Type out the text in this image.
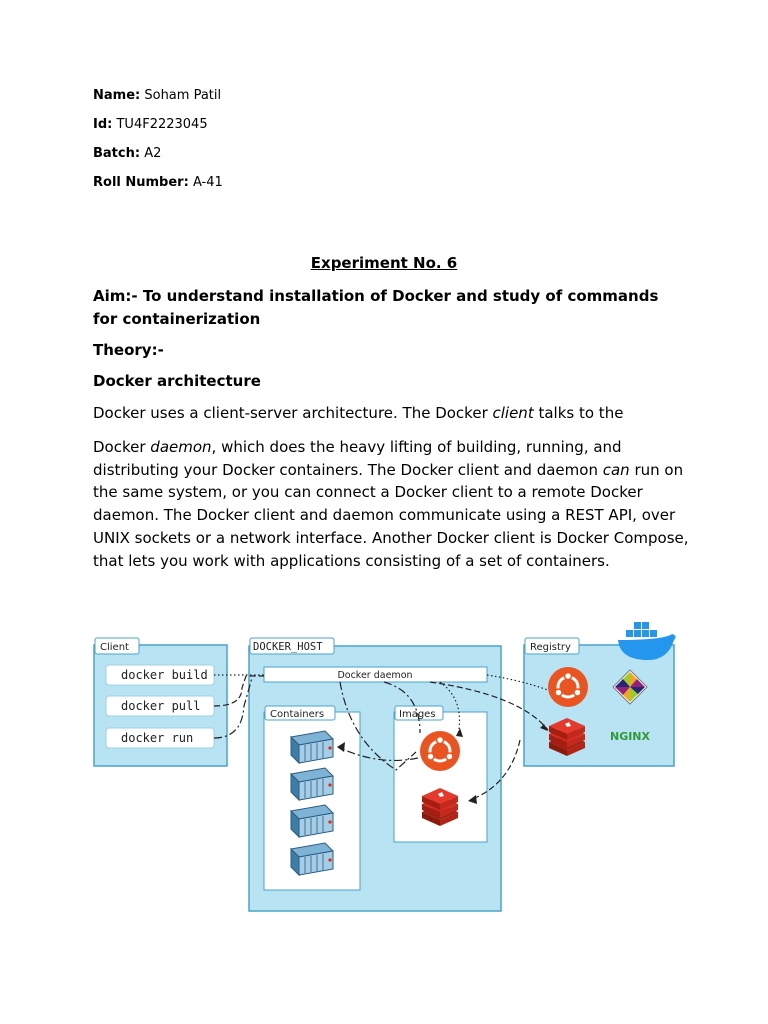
Name: Soham Patil
Id: TU4F2223045
Batch: A2
Roll Number: A-41
Experiment No. 6
Aim:- To understand installation of Docker and study of commands for containerization
Theory:-
Docker architecture
Docker uses a client-server architecture. The Docker client talks to the
Docker daemon, which does the heavy lifting of building, running, and
distributing your Docker containers. The Docker client and daemon can run on
the same system, or you can connect a Docker client to a remote Docker
daemon. The Docker client and daemon communicate using a REST API, over
UNIX sockets or a network interface. Another Docker client is Docker Compose,
that lets you work with applications consisting of a set of containers.
Client
docker build
docker pull
docker run
DOCKER_HOST
Docker daemon
Containers	Images
Registry
NGINX
